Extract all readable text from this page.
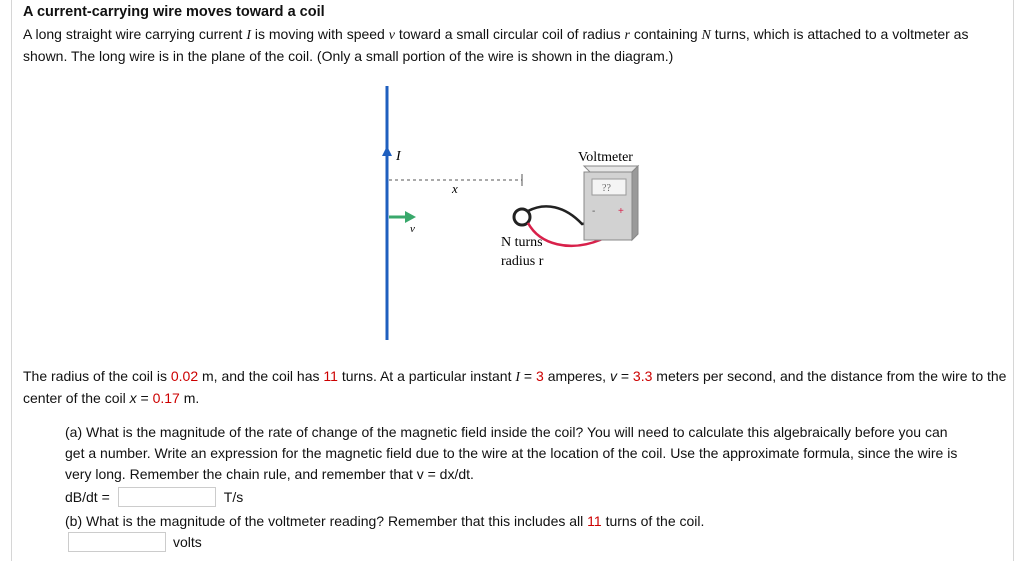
A current-carrying wire moves toward a coil
A long straight wire carrying current I is moving with speed v toward a small circular coil of radius r containing N turns, which is attached to a voltmeter as shown. The long wire is in the plane of the coil. (Only a small portion of the wire is shown in the diagram.)
I
x
v
Voltmeter
??
- +
N turns
radius r
The radius of the coil is 0.02 m, and the coil has 11 turns. At a particular instant I = 3 amperes, v = 3.3 meters per second, and the distance from the wire to the center of the coil x = 0.17 m.
(a) What is the magnitude of the rate of change of the magnetic field inside the coil? You will need to calculate this algebraically before you can get a number. Write an expression for the magnetic field due to the wire at the location of the coil. Use the approximate formula, since the wire is very long. Remember the chain rule, and remember that v = dx/dt.
dB/dt =	T/s
(b) What is the magnitude of the voltmeter reading? Remember that this includes all 11 turns of the coil.
volts
